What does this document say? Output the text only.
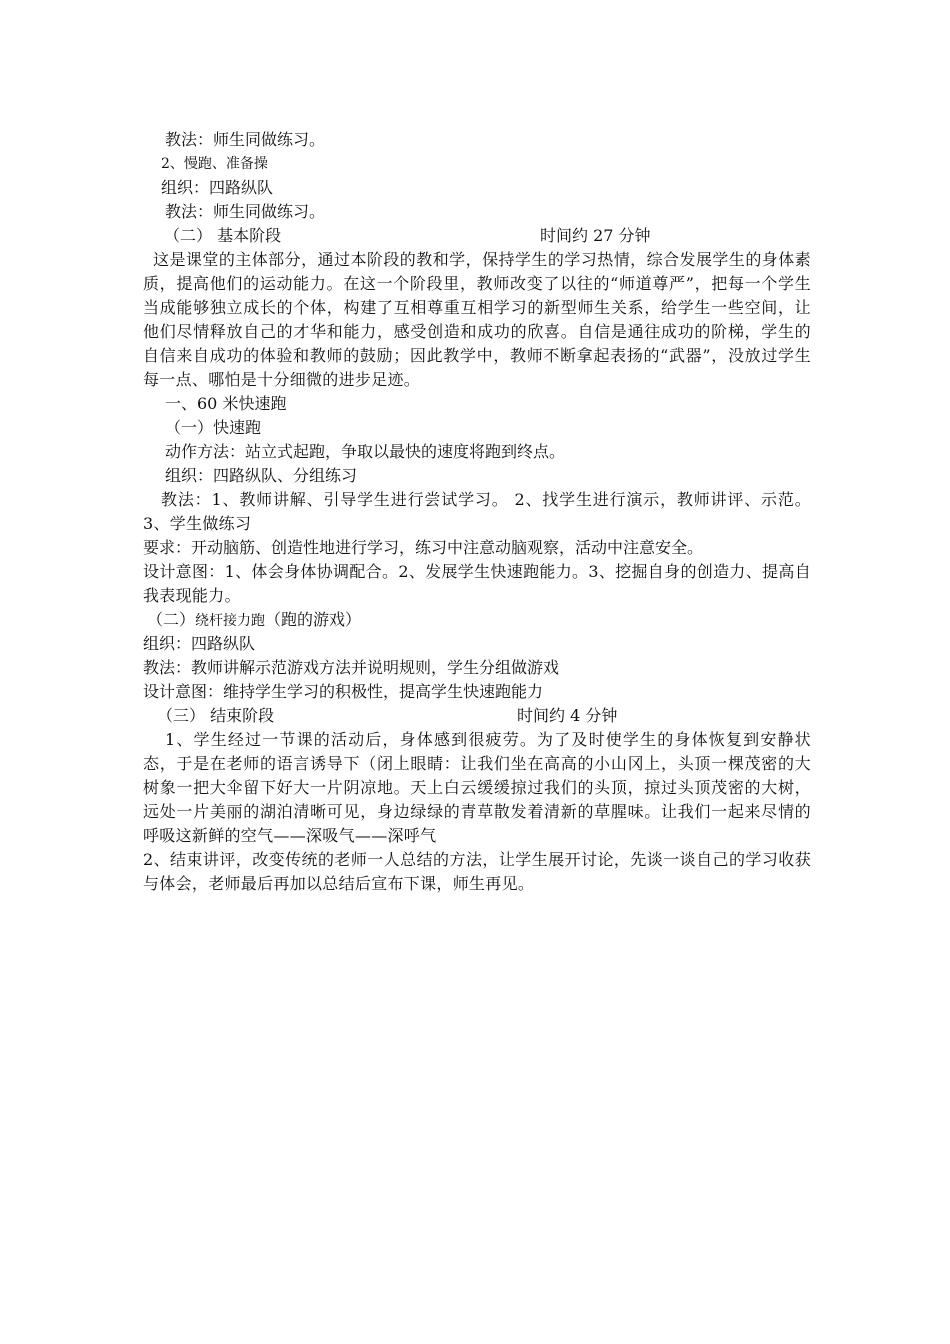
教法：师生同做练习。
2、慢跑、准备操
组织：四路纵队
教法：师生同做练习。
（二） 基本阶段	时间约 27 分钟
这是课堂的主体部分，通过本阶段的教和学，保持学生的学习热情，综合发展学生的身体素质，提高他们的运动能力。在这一个阶段里，教师改变了以往的“师道尊严”，把每一个学生当成能够独立成长的个体，构建了互相尊重互相学习的新型师生关系，给学生一些空间，让他们尽情释放自己的才华和能力，感受创造和成功的欣喜。自信是通往成功的阶梯，学生的自信来自成功的体验和教师的鼓励；因此教学中，教师不断拿起表扬的“武器”，没放过学生每一点、哪怕是十分细微的进步足迹。
一、60 米快速跑
（一）快速跑
动作方法：站立式起跑，争取以最快的速度将跑到终点。
组织：四路纵队、分组练习
教法：1、教师讲解、引导学生进行尝试学习。 2、找学生进行演示，教师讲评、示范。 3、学生做练习
要求：开动脑筋、创造性地进行学习，练习中注意动脑观察，活动中注意安全。
设计意图：1、体会身体协调配合。2、发展学生快速跑能力。3、挖掘自身的创造力、提高自我表现能力。
（二）绕杆接力跑（跑的游戏）
组织：四路纵队
教法：教师讲解示范游戏方法并说明规则，学生分组做游戏
设计意图：维持学生学习的积极性，提高学生快速跑能力
（三） 结束阶段	时间约 4 分钟
1、学生经过一节课的活动后，身体感到很疲劳。为了及时使学生的身体恢复到安静状态，于是在老师的语言诱导下（闭上眼睛：让我们坐在高高的小山冈上，头顶一棵茂密的大树象一把大伞留下好大一片阴凉地。天上白云缓缓掠过我们的头顶，掠过头顶茂密的大树，远处一片美丽的湖泊清晰可见，身边绿绿的青草散发着清新的草腥味。让我们一起来尽情的呼吸这新鲜的空气——深吸气——深呼气
2、结束讲评，改变传统的老师一人总结的方法，让学生展开讨论，先谈一谈自己的学习收获与体会，老师最后再加以总结后宣布下课，师生再见。
